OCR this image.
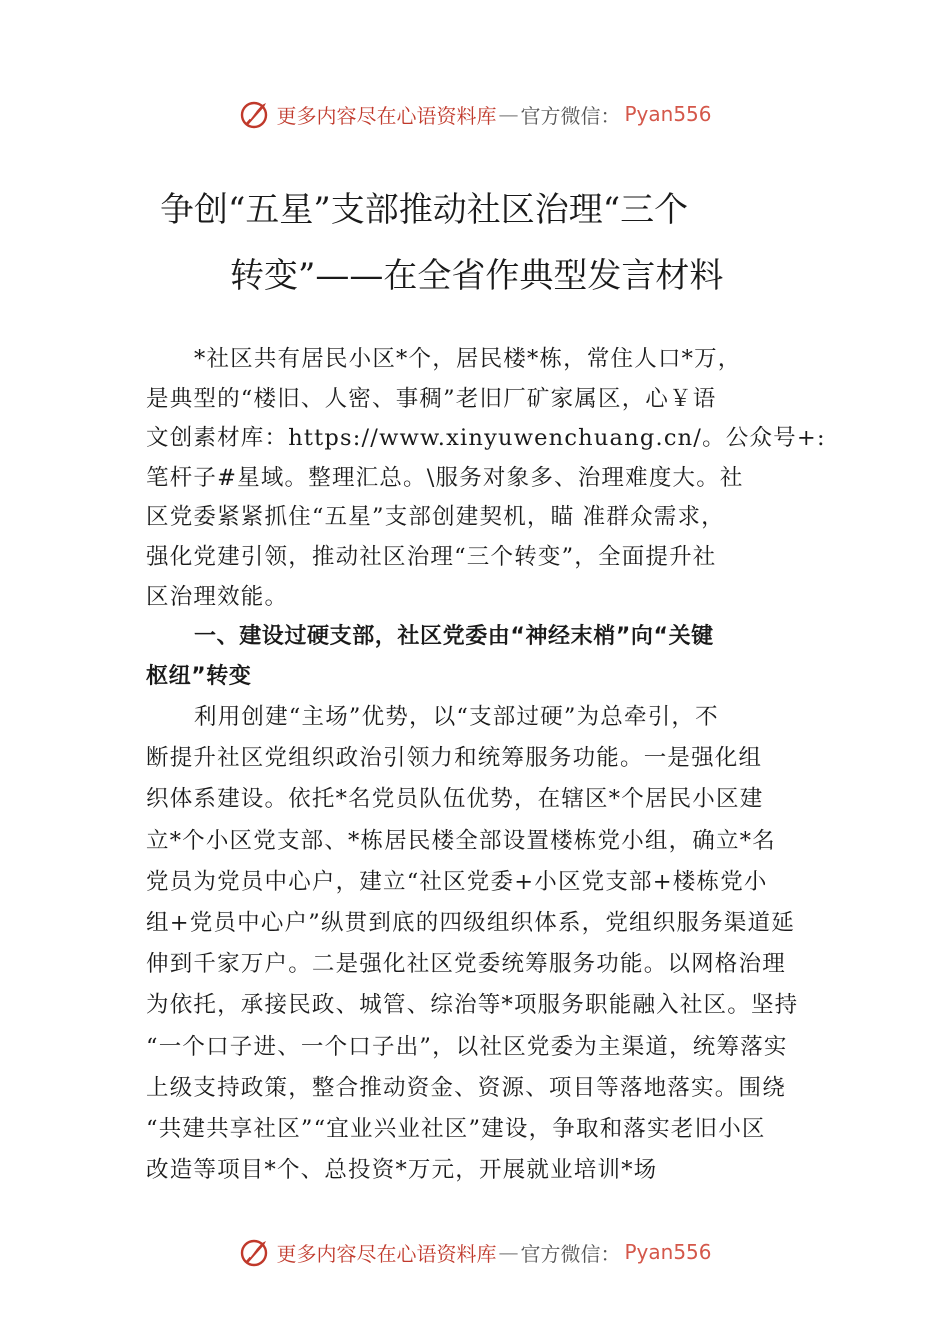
更多内容尽在心语资料库 — 官方微信： Pyan556
争创“五星”支部推动社区治理“三个
转变”——在全省作典型发言材料
*社区共有居民小区*个，居民楼*栋，常住人口*万，
是典型的“楼旧、人密、事稠”老旧厂矿家属区，心￥语
文创素材库：https://www.xinyuwenchuang.cn/。公众号+:
笔杆子#星域。整理汇总。\服务对象多、治理难度大。社
区党委紧紧抓住“五星”支部创建契机，瞄 准群众需求，
强化党建引领，推动社区治理“三个转变”，全面提升社
区治理效能。
一、建设过硬支部，社区党委由“神经末梢”向“关键
枢纽”转变
利用创建“主场”优势，以“支部过硬”为总牵引，不
断提升社区党组织政治引领力和统筹服务功能。一是强化组
织体系建设。依托*名党员队伍优势，在辖区*个居民小区建
立*个小区党支部、*栋居民楼全部设置楼栋党小组，确立*名
党员为党员中心户，建立“社区党委+小区党支部+楼栋党小
组+党员中心户”纵贯到底的四级组织体系，党组织服务渠道延
伸到千家万户。二是强化社区党委统筹服务功能。以网格治理
为依托，承接民政、城管、综治等*项服务职能融入社区。坚持
“一个口子进、一个口子出”，以社区党委为主渠道，统筹落实
上级支持政策，整合推动资金、资源、项目等落地落实。围绕
“共建共享社区”“宜业兴业社区”建设，争取和落实老旧小区
改造等项目*个、总投资*万元，开展就业培训*场
更多内容尽在心语资料库 — 官方微信： Pyan556
